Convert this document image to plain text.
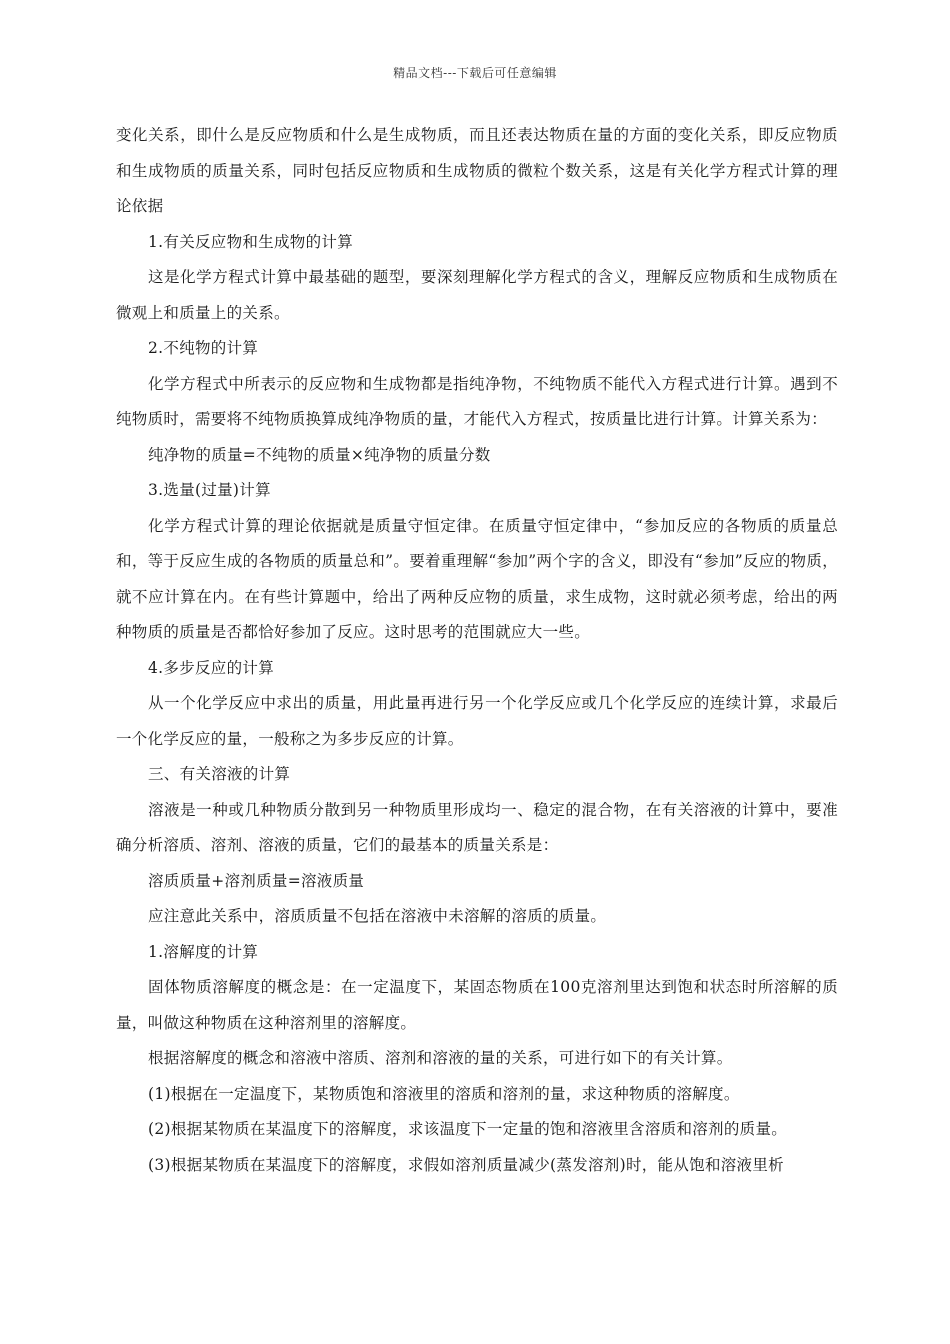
精品文档---下载后可任意编辑

变化关系，即什么是反应物质和什么是生成物质，而且还表达物质在量的方面的变化关系，即反应物质和生成物质的质量关系，同时包括反应物质和生成物质的微粒个数关系，这是有关化学方程式计算的理论依据

1.有关反应物和生成物的计算

这是化学方程式计算中最基础的题型，要深刻理解化学方程式的含义，理解反应物质和生成物质在微观上和质量上的关系。

2.不纯物的计算

化学方程式中所表示的反应物和生成物都是指纯净物，不纯物质不能代入方程式进行计算。遇到不纯物质时，需要将不纯物质换算成纯净物质的量，才能代入方程式，按质量比进行计算。计算关系为：

纯净物的质量=不纯物的质量×纯净物的质量分数

3.选量(过量)计算

化学方程式计算的理论依据就是质量守恒定律。在质量守恒定律中，“参加反应的各物质的质量总和，等于反应生成的各物质的质量总和”。要着重理解“参加”两个字的含义，即没有“参加”反应的物质，就不应计算在内。在有些计算题中，给出了两种反应物的质量，求生成物，这时就必须考虑，给出的两种物质的质量是否都恰好参加了反应。这时思考的范围就应大一些。

4.多步反应的计算

从一个化学反应中求出的质量，用此量再进行另一个化学反应或几个化学反应的连续计算，求最后一个化学反应的量，一般称之为多步反应的计算。

三、有关溶液的计算

溶液是一种或几种物质分散到另一种物质里形成均一、稳定的混合物，在有关溶液的计算中，要准确分析溶质、溶剂、溶液的质量，它们的最基本的质量关系是：

溶质质量+溶剂质量=溶液质量

应注意此关系中，溶质质量不包括在溶液中未溶解的溶质的质量。

1.溶解度的计算

固体物质溶解度的概念是：在一定温度下，某固态物质在100克溶剂里达到饱和状态时所溶解的质量，叫做这种物质在这种溶剂里的溶解度。

根据溶解度的概念和溶液中溶质、溶剂和溶液的量的关系，可进行如下的有关计算。

(1)根据在一定温度下，某物质饱和溶液里的溶质和溶剂的量，求这种物质的溶解度。

(2)根据某物质在某温度下的溶解度，求该温度下一定量的饱和溶液里含溶质和溶剂的质量。

(3)根据某物质在某温度下的溶解度，求假如溶剂质量减少(蒸发溶剂)时，能从饱和溶液里析
